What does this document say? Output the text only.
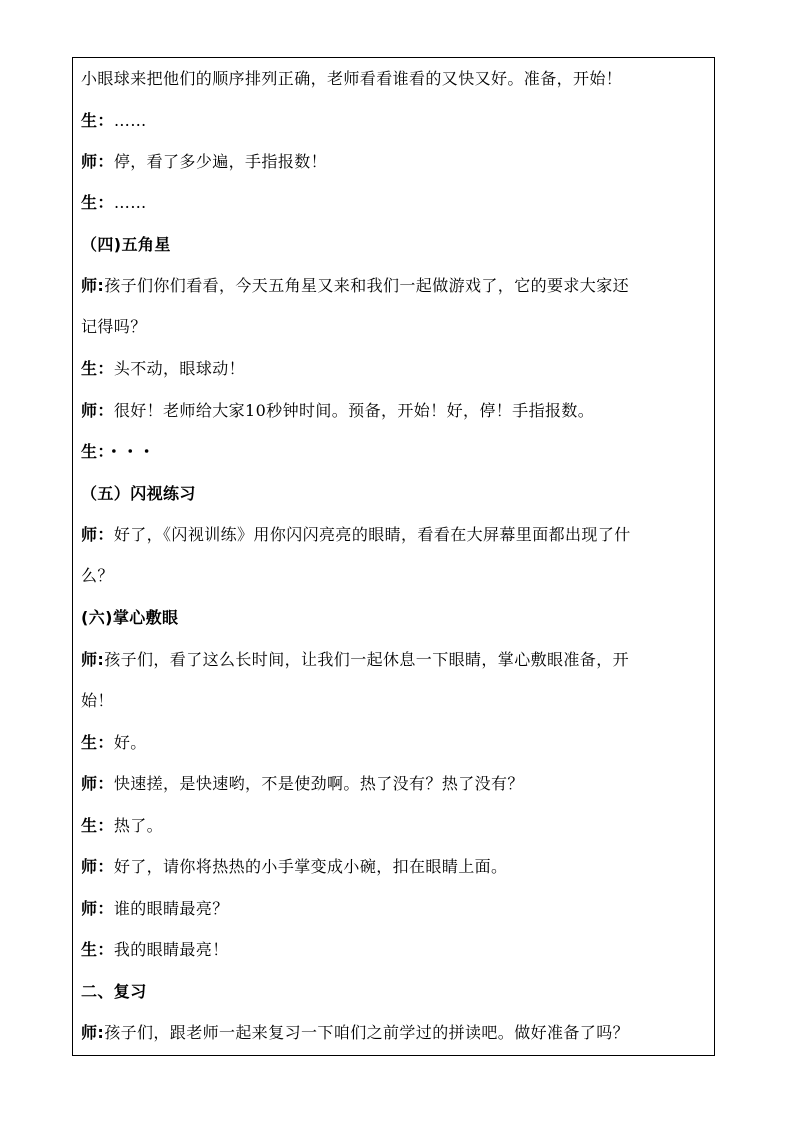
小眼球来把他们的顺序排列正确，老师看看谁看的又快又好。准备，开始！
生：……
师：停，看了多少遍，手指报数！
生：……
（四)五角星
师:孩子们你们看看，今天五角星又来和我们一起做游戏了，它的要求大家还
记得吗？
生：头不动，眼球动！
师：很好！老师给大家10秒钟时间。预备，开始！好，停！手指报数。
生：・・・
（五）闪视练习
师：好了，《闪视训练》用你闪闪亮亮的眼睛，看看在大屏幕里面都出现了什
么？
(六)掌心敷眼
师:孩子们，看了这么长时间，让我们一起休息一下眼睛，掌心敷眼准备，开
始！
生：好。
师：快速搓，是快速哟，不是使劲啊。热了没有？热了没有？
生：热了。
师：好了，请你将热热的小手掌变成小碗，扣在眼睛上面。
师：谁的眼睛最亮？
生：我的眼睛最亮！
二、复习
师:孩子们，跟老师一起来复习一下咱们之前学过的拼读吧。做好准备了吗？
